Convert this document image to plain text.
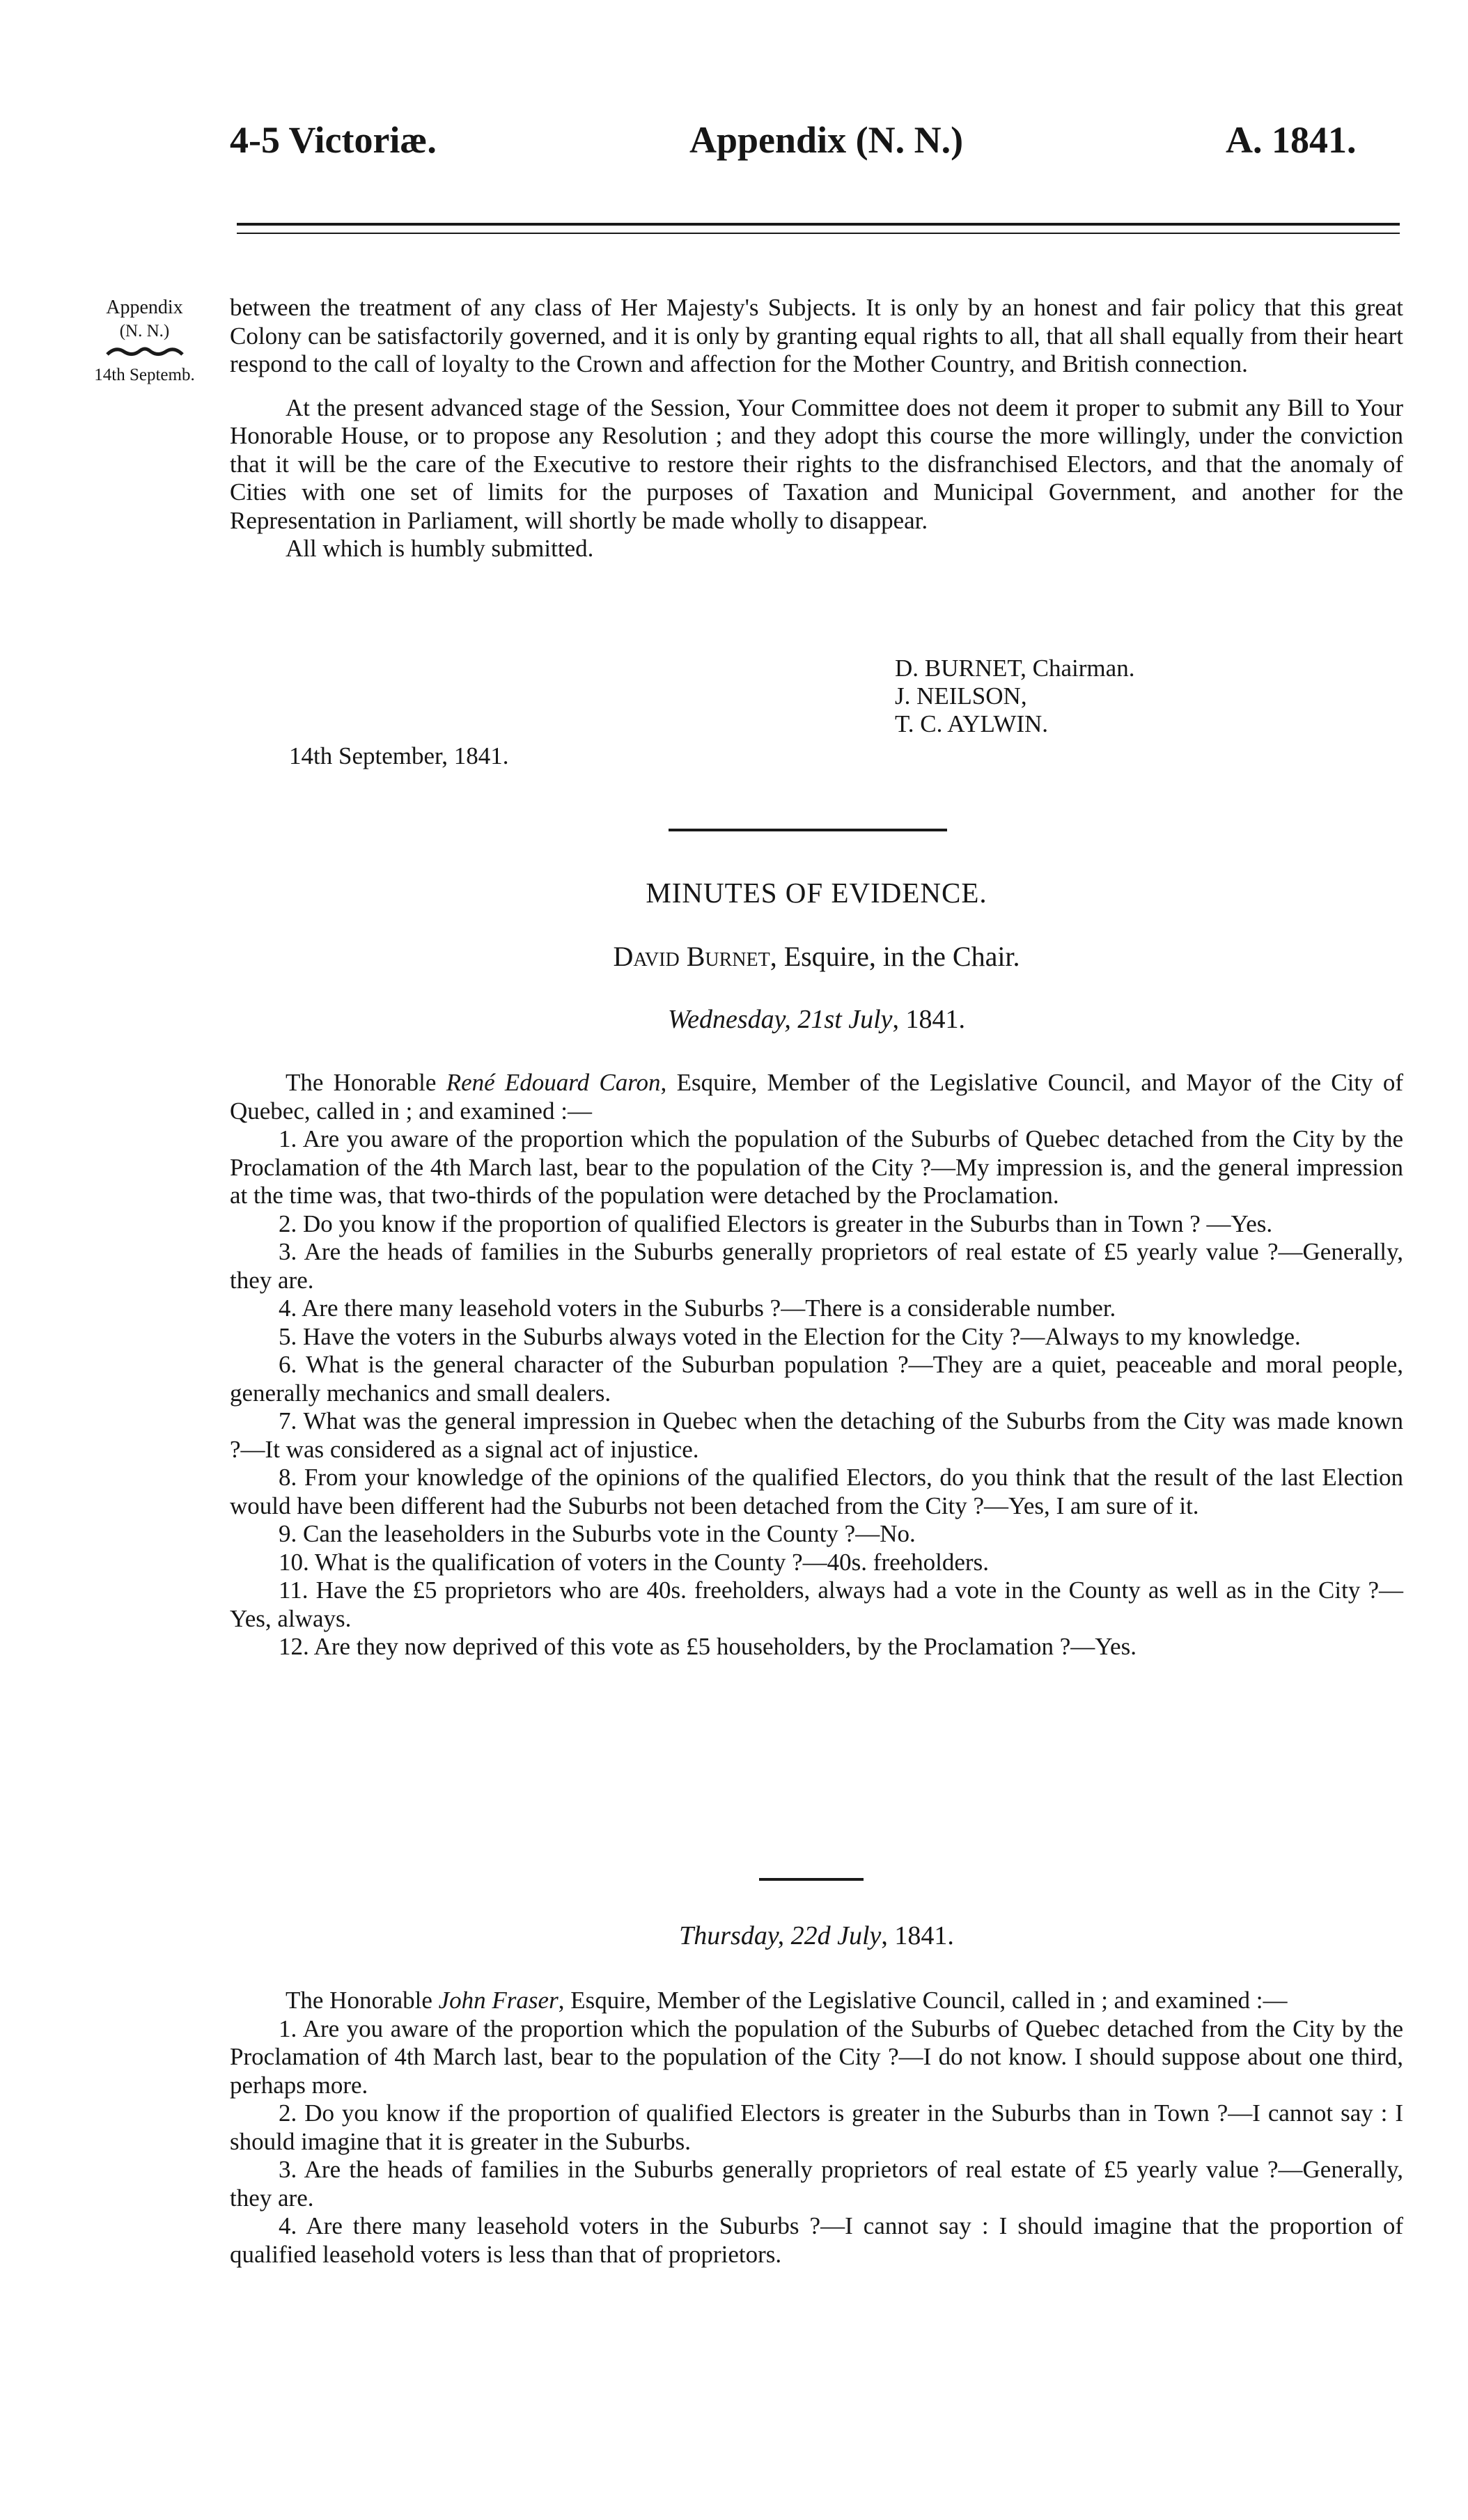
4-5 Victoriæ.	Appendix (N. N.)	A. 1841.
Appendix
(N. N.)
14th Septemb.

between the treatment of any class of Her Majesty's Subjects. It is only by an honest and fair policy that this great Colony can be satisfactorily governed, and it is only by granting equal rights to all, that all shall equally from their heart respond to the call of loyalty to the Crown and affection for the Mother Country, and British connection.

At the present advanced stage of the Session, Your Committee does not deem it proper to submit any Bill to Your Honorable House, or to propose any Resolution ; and they adopt this course the more willingly, under the conviction that it will be the care of the Executive to restore their rights to the disfranchised Electors, and that the anomaly of Cities with one set of limits for the purposes of Taxation and Municipal Government, and another for the Representation in Parliament, will shortly be made wholly to disappear.

All which is humbly submitted.

D. BURNET, Chairman.
J. NEILSON,
T. C. AYLWIN.
14th September, 1841.
MINUTES OF EVIDENCE.
David Burnet, Esquire, in the Chair.
Wednesday, 21st July, 1841.

The Honorable René Edouard Caron, Esquire, Member of the Legislative Council, and Mayor of the City of Quebec, called in ; and examined :—

1. Are you aware of the proportion which the population of the Suburbs of Quebec detached from the City by the Proclamation of the 4th March last, bear to the population of the City ?—My impression is, and the general impression at the time was, that two-thirds of the population were detached by the Proclamation.

2. Do you know if the proportion of qualified Electors is greater in the Suburbs than in Town ? —Yes.

3. Are the heads of families in the Suburbs generally proprietors of real estate of £5 yearly value ?—Generally, they are.

4. Are there many leasehold voters in the Suburbs ?—There is a considerable number.

5. Have the voters in the Suburbs always voted in the Election for the City ?—Always to my knowledge.

6. What is the general character of the Suburban population ?—They are a quiet, peaceable and moral people, generally mechanics and small dealers.

7. What was the general impression in Quebec when the detaching of the Suburbs from the City was made known ?—It was considered as a signal act of injustice.

8. From your knowledge of the opinions of the qualified Electors, do you think that the result of the last Election would have been different had the Suburbs not been detached from the City ?—Yes, I am sure of it.

9. Can the leaseholders in the Suburbs vote in the County ?—No.

10. What is the qualification of voters in the County ?—40s. freeholders.

11. Have the £5 proprietors who are 40s. freeholders, always had a vote in the County as well as in the City ?—Yes, always.

12. Are they now deprived of this vote as £5 householders, by the Proclamation ?—Yes.

Thursday, 22d July, 1841.

The Honorable John Fraser, Esquire, Member of the Legislative Council, called in ; and examined :—

1. Are you aware of the proportion which the population of the Suburbs of Quebec detached from the City by the Proclamation of 4th March last, bear to the population of the City ?—I do not know. I should suppose about one third, perhaps more.

2. Do you know if the proportion of qualified Electors is greater in the Suburbs than in Town ?—I cannot say : I should imagine that it is greater in the Suburbs.

3. Are the heads of families in the Suburbs generally proprietors of real estate of £5 yearly value ?—Generally, they are.

4. Are there many leasehold voters in the Suburbs ?—I cannot say : I should imagine that the proportion of qualified leasehold voters is less than that of proprietors.
